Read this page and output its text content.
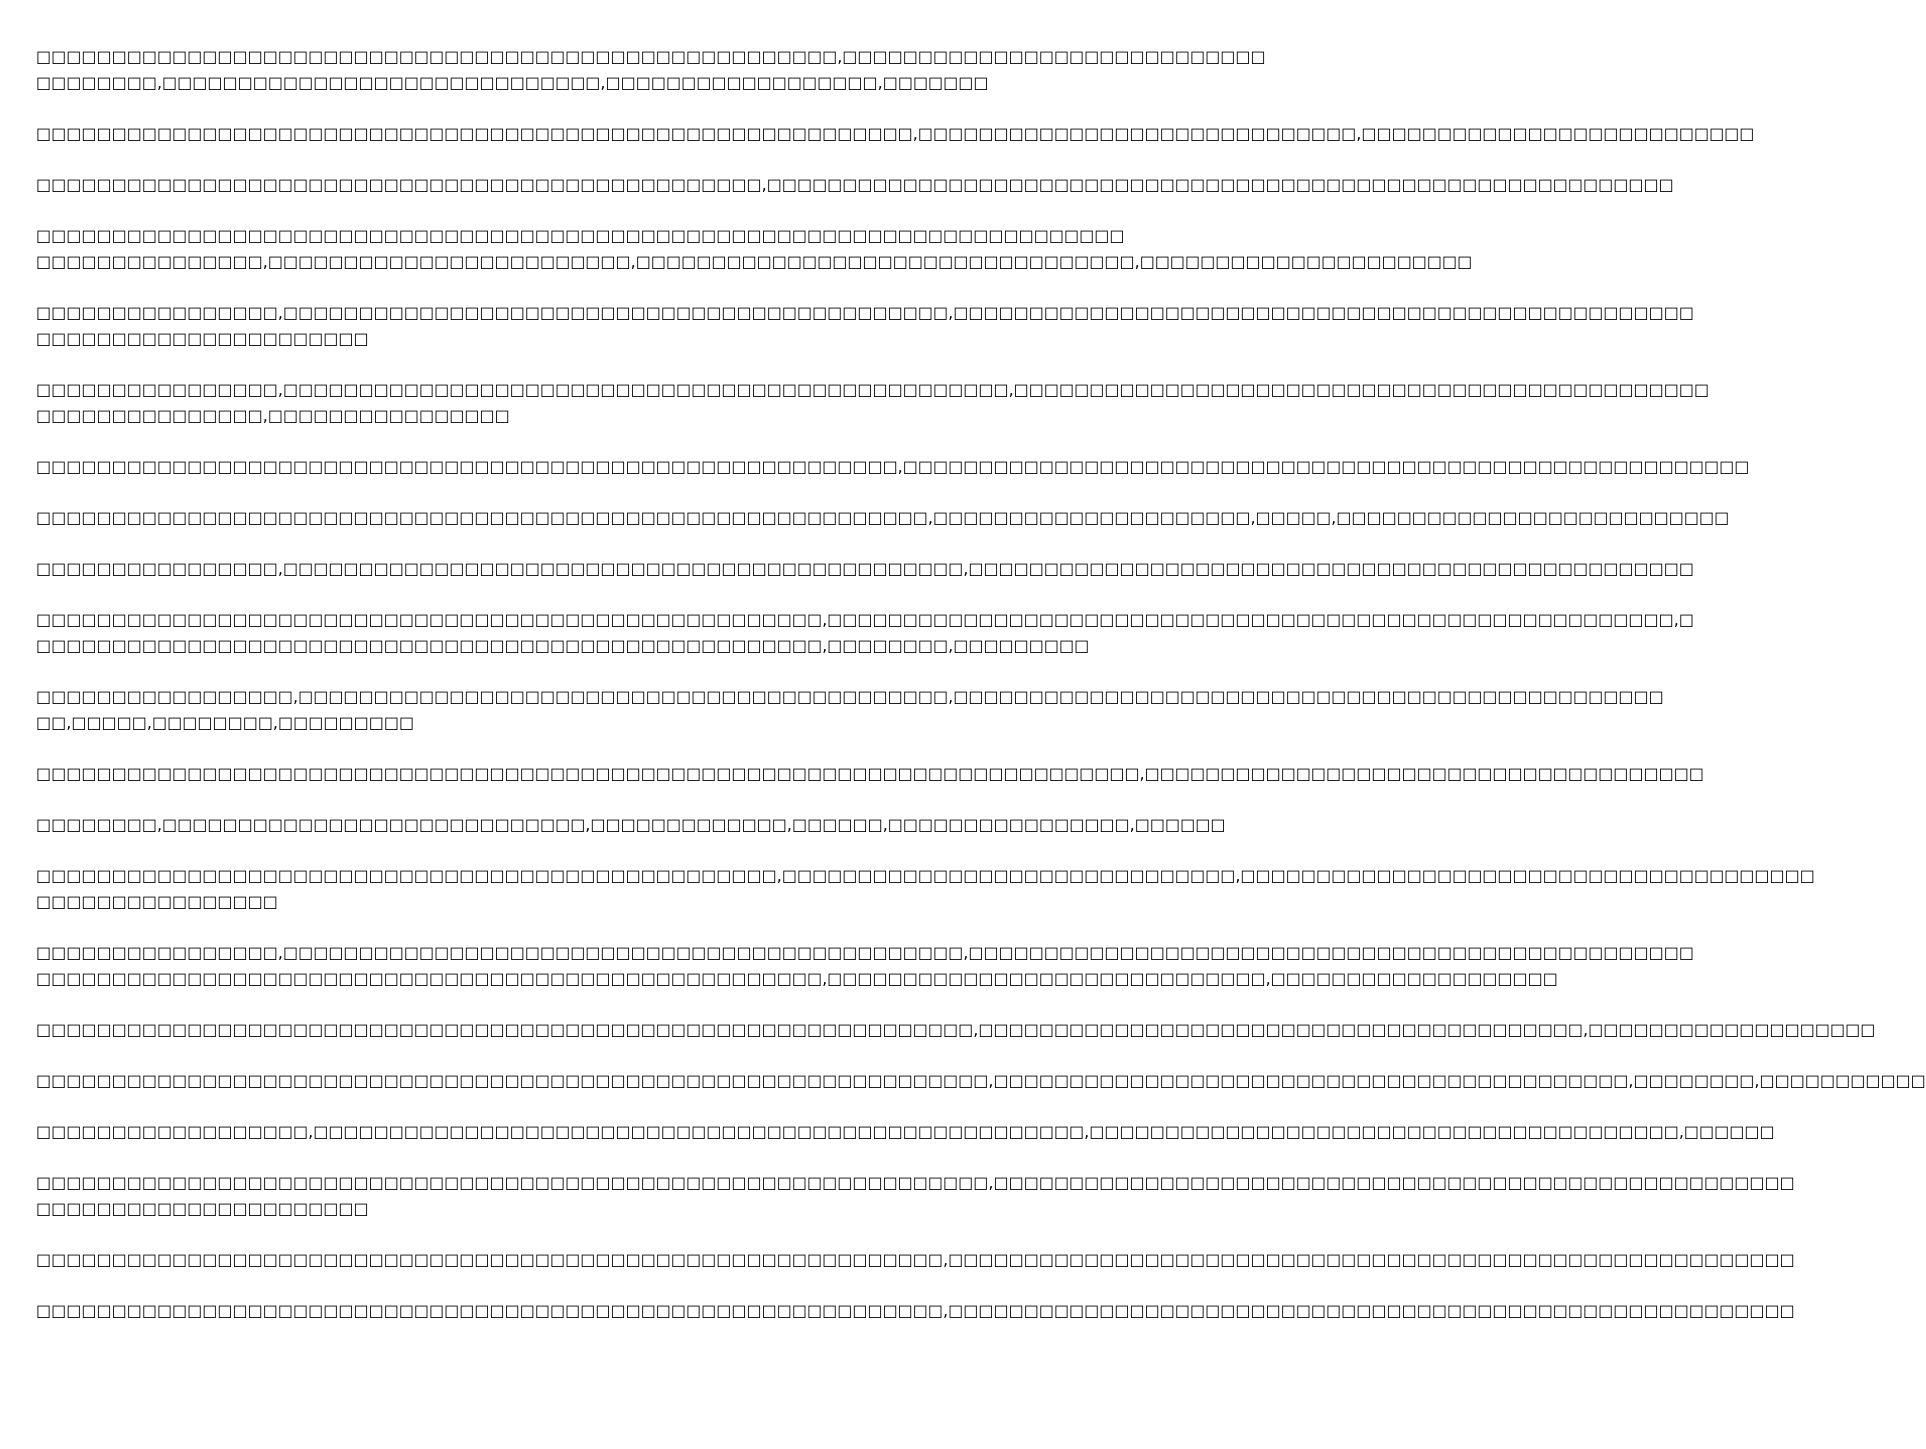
□□□□□□□□□□□□□□□□□□□□□□□□□□□□□□□□□□□□□□□□□□□□□□□□□□□□□,□□□□□□□□□□□□□□□□□□□□□□□□□□□□
□□□□□□□□,□□□□□□□□□□□□□□□□□□□□□□□□□□□□□,□□□□□□□□□□□□□□□□□□,□□□□□□□
□□□□□□□□□□□□□□□□□□□□□□□□□□□□□□□□□□□□□□□□□□□□□□□□□□□□□□□□□□,□□□□□□□□□□□□□□□□□□□□□□□□□□□□□,□□□□□□□□□□□□□□□□□□□□□□□□□□
□□□□□□□□□□□□□□□□□□□□□□□□□□□□□□□□□□□□□□□□□□□□□□□□,□□□□□□□□□□□□□□□□□□□□□□□□□□□□□□□□□□□□□□□□□□□□□□□□□□□□□□□□□□□□
□□□□□□□□□□□□□□□□□□□□□□□□□□□□□□□□□□□□□□□□□□□□□□□□□□□□□□□□□□□□□□□□□□□□□□□□
□□□□□□□□□□□□□□□,□□□□□□□□□□□□□□□□□□□□□□□□,□□□□□□□□□□□□□□□□□□□□□□□□□□□□□□□□□,□□□□□□□□□□□□□□□□□□□□□□
□□□□□□□□□□□□□□□□,□□□□□□□□□□□□□□□□□□□□□□□□□□□□□□□□□□□□□□□□□□□□,□□□□□□□□□□□□□□□□□□□□□□□□□□□□□□□□□□□□□□□□□□□□□□□□□
□□□□□□□□□□□□□□□□□□□□□□
□□□□□□□□□□□□□□□□,□□□□□□□□□□□□□□□□□□□□□□□□□□□□□□□□□□□□□□□□□□□□□□□□,□□□□□□□□□□□□□□□□□□□□□□□□□□□□□□□□□□□□□□□□□□□□□□
□□□□□□□□□□□□□□□,□□□□□□□□□□□□□□□□
□□□□□□□□□□□□□□□□□□□□□□□□□□□□□□□□□□□□□□□□□□□□□□□□□□□□□□□□□,□□□□□□□□□□□□□□□□□□□□□□□□□□□□□□□□□□□□□□□□□□□□□□□□□□□□□□□□
□□□□□□□□□□□□□□□□□□□□□□□□□□□□□□□□□□□□□□□□□□□□□□□□□□□□□□□□□□□,□□□□□□□□□□□□□□□□□□□□□,□□□□□,□□□□□□□□□□□□□□□□□□□□□□□□□□
□□□□□□□□□□□□□□□□,□□□□□□□□□□□□□□□□□□□□□□□□□□□□□□□□□□□□□□□□□□□□□,□□□□□□□□□□□□□□□□□□□□□□□□□□□□□□□□□□□□□□□□□□□□□□□□
□□□□□□□□□□□□□□□□□□□□□□□□□□□□□□□□□□□□□□□□□□□□□□□□□□□□,□□□□□□□□□□□□□□□□□□□□□□□□□□□□□□□□□□□□□□□□□□□□□□□□□□□□□□□□,□
□□□□□□□□□□□□□□□□□□□□□□□□□□□□□□□□□□□□□□□□□□□□□□□□□□□□,□□□□□□□□,□□□□□□□□□
□□□□□□□□□□□□□□□□□,□□□□□□□□□□□□□□□□□□□□□□□□□□□□□□□□□□□□□□□□□□□,□□□□□□□□□□□□□□□□□□□□□□□□□□□□□□□□□□□□□□□□□□□□□□□
□□,□□□□□,□□□□□□□□,□□□□□□□□□
□□□□□□□□□□□□□□□□□□□□□□□□□□□□□□□□□□□□□□□□□□□□□□□□□□□□□□□□□□□□□□□□□□□□□□□□□,□□□□□□□□□□□□□□□□□□□□□□□□□□□□□□□□□□□□□
□□□□□□□□,□□□□□□□□□□□□□□□□□□□□□□□□□□□□,□□□□□□□□□□□□□,□□□□□□,□□□□□□□□□□□□□□□□,□□□□□□
□□□□□□□□□□□□□□□□□□□□□□□□□□□□□□□□□□□□□□□□□□□□□□□□□,□□□□□□□□□□□□□□□□□□□□□□□□□□□□□□,□□□□□□□□□□□□□□□□□□□□□□□□□□□□□□□□□□□□□□
□□□□□□□□□□□□□□□□
□□□□□□□□□□□□□□□□,□□□□□□□□□□□□□□□□□□□□□□□□□□□□□□□□□□□□□□□□□□□□□,□□□□□□□□□□□□□□□□□□□□□□□□□□□□□□□□□□□□□□□□□□□□□□□□
□□□□□□□□□□□□□□□□□□□□□□□□□□□□□□□□□□□□□□□□□□□□□□□□□□□□,□□□□□□□□□□□□□□□□□□□□□□□□□□□□□,□□□□□□□□□□□□□□□□□□□
□□□□□□□□□□□□□□□□□□□□□□□□□□□□□□□□□□□□□□□□□□□□□□□□□□□□□□□□□□□□□□,□□□□□□□□□□□□□□□□□□□□□□□□□□□□□□□□□□□□□□□□,□□□□□□□□□□□□□□□□□□□
□□□□□□□□□□□□□□□□□□□□□□□□□□□□□□□□□□□□□□□□□□□□□□□□□□□□□□□□□□□□□□□,□□□□□□□□□□□□□□□□□□□□□□□□□□□□□□□□□□□□□□□□□□,□□□□□□□□,□□□□□□□□□□□
□□□□□□□□□□□□□□□□□□,□□□□□□□□□□□□□□□□□□□□□□□□□□□□□□□□□□□□□□□□□□□□□□□□□□□,□□□□□□□□□□□□□□□□□□□□□□□□□□□□□□□□□□□□□□□,□□□□□□
□□□□□□□□□□□□□□□□□□□□□□□□□□□□□□□□□□□□□□□□□□□□□□□□□□□□□□□□□□□□□□□,□□□□□□□□□□□□□□□□□□□□□□□□□□□□□□□□□□□□□□□□□□□□□□□□□□□□□
□□□□□□□□□□□□□□□□□□□□□□
□□□□□□□□□□□□□□□□□□□□□□□□□□□□□□□□□□□□□□□□□□□□□□□□□□□□□□□□□□□□,□□□□□□□□□□□□□□□□□□□□□□□□□□□□□□□□□□□□□□□□□□□□□□□□□□□□□□□□
□□□□□□□□□□□□□□□□□□□□□□□□□□□□□□□□□□□□□□□□□□□□□□□□□□□□□□□□□□□□,□□□□□□□□□□□□□□□□□□□□□□□□□□□□□□□□□□□□□□□□□□□□□□□□□□□□□□□□
